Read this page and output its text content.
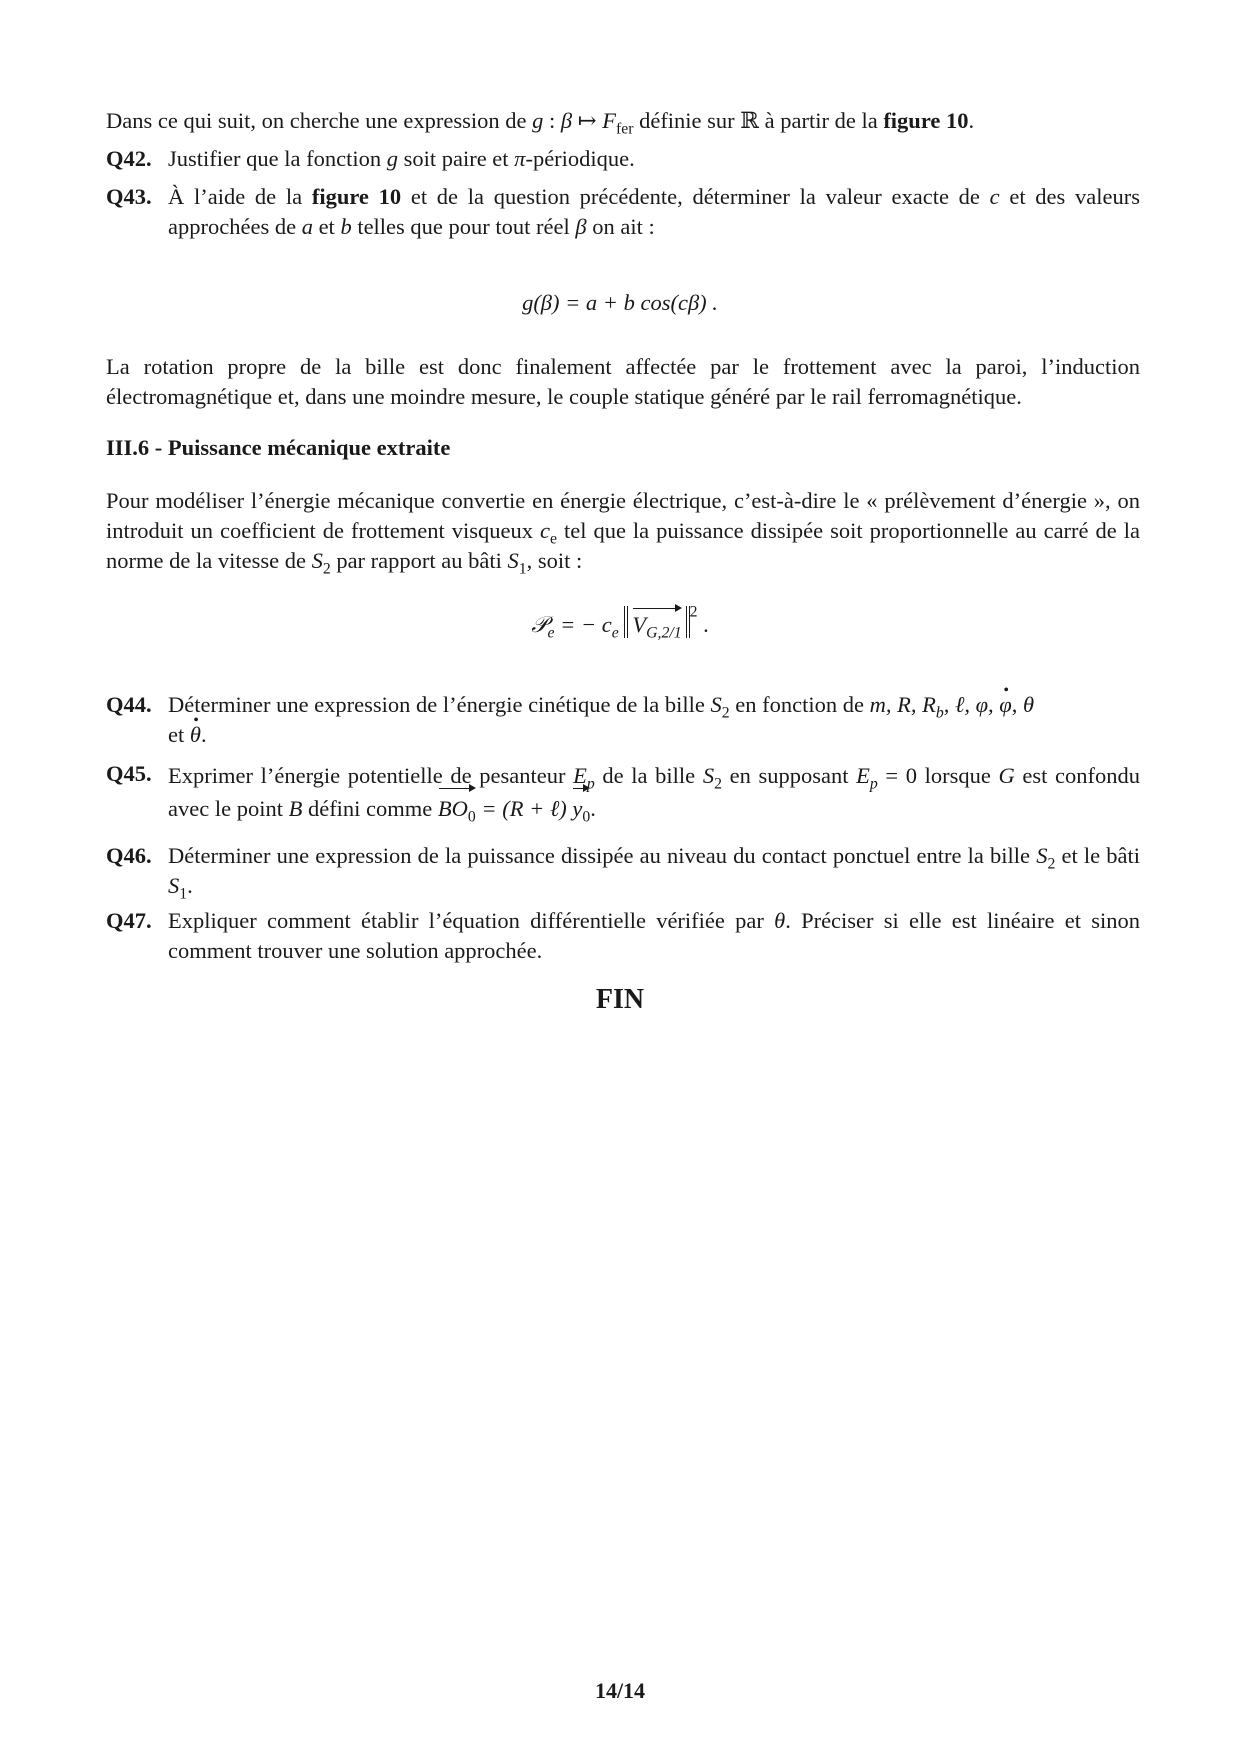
Dans ce qui suit, on cherche une expression de g : β ↦ $F_{fer}$ définie sur ℝ à partir de la figure 10.
Q42. Justifier que la fonction g soit paire et π-périodique.
Q43. À l’aide de la figure 10 et de la question précédente, déterminer la valeur exacte de c et des valeurs approchées de a et b telles que pour tout réel β on ait :
g(β) = a + b cos(cβ) .
La rotation propre de la bille est donc finalement affectée par le frottement avec la paroi, l’induction électromagnétique et, dans une moindre mesure, le couple statique généré par le rail ferromagnétique.
III.6 - Puissance mécanique extraite
Pour modéliser l’énergie mécanique convertie en énergie électrique, c’est-à-dire le « prélèvement d’énergie », on introduit un coefficient de frottement visqueux $c_e$ tel que la puissance dissipée soit proportionnelle au carré de la norme de la vitesse de $S_2$ par rapport au bâti $S_1$, soit :
𝒫$_e$ = − $c_e$ $V_{G,2/1}^2$ .
Q44. Déterminer une expression de l’énergie cinétique de la bille $S_2$ en fonction de m, R, $R_b$, ℓ, φ, φ •, θ
et θ •.
Q45. Exprimer l’énergie potentielle de pesanteur $E_p$ de la bille $S_2$ en supposant $E_p = 0$ lorsque G est confondu avec le point B défini comme $BO_0 = (R$ + ℓ) $y_0$.
Q46. Déterminer une expression de la puissance dissipée au niveau du contact ponctuel entre la bille $S_2$ et le bâti $S_1$.
Q47. Expliquer comment établir l’équation différentielle vérifiée par θ. Préciser si elle est linéaire et sinon comment trouver une solution approchée.
FIN
14/14
